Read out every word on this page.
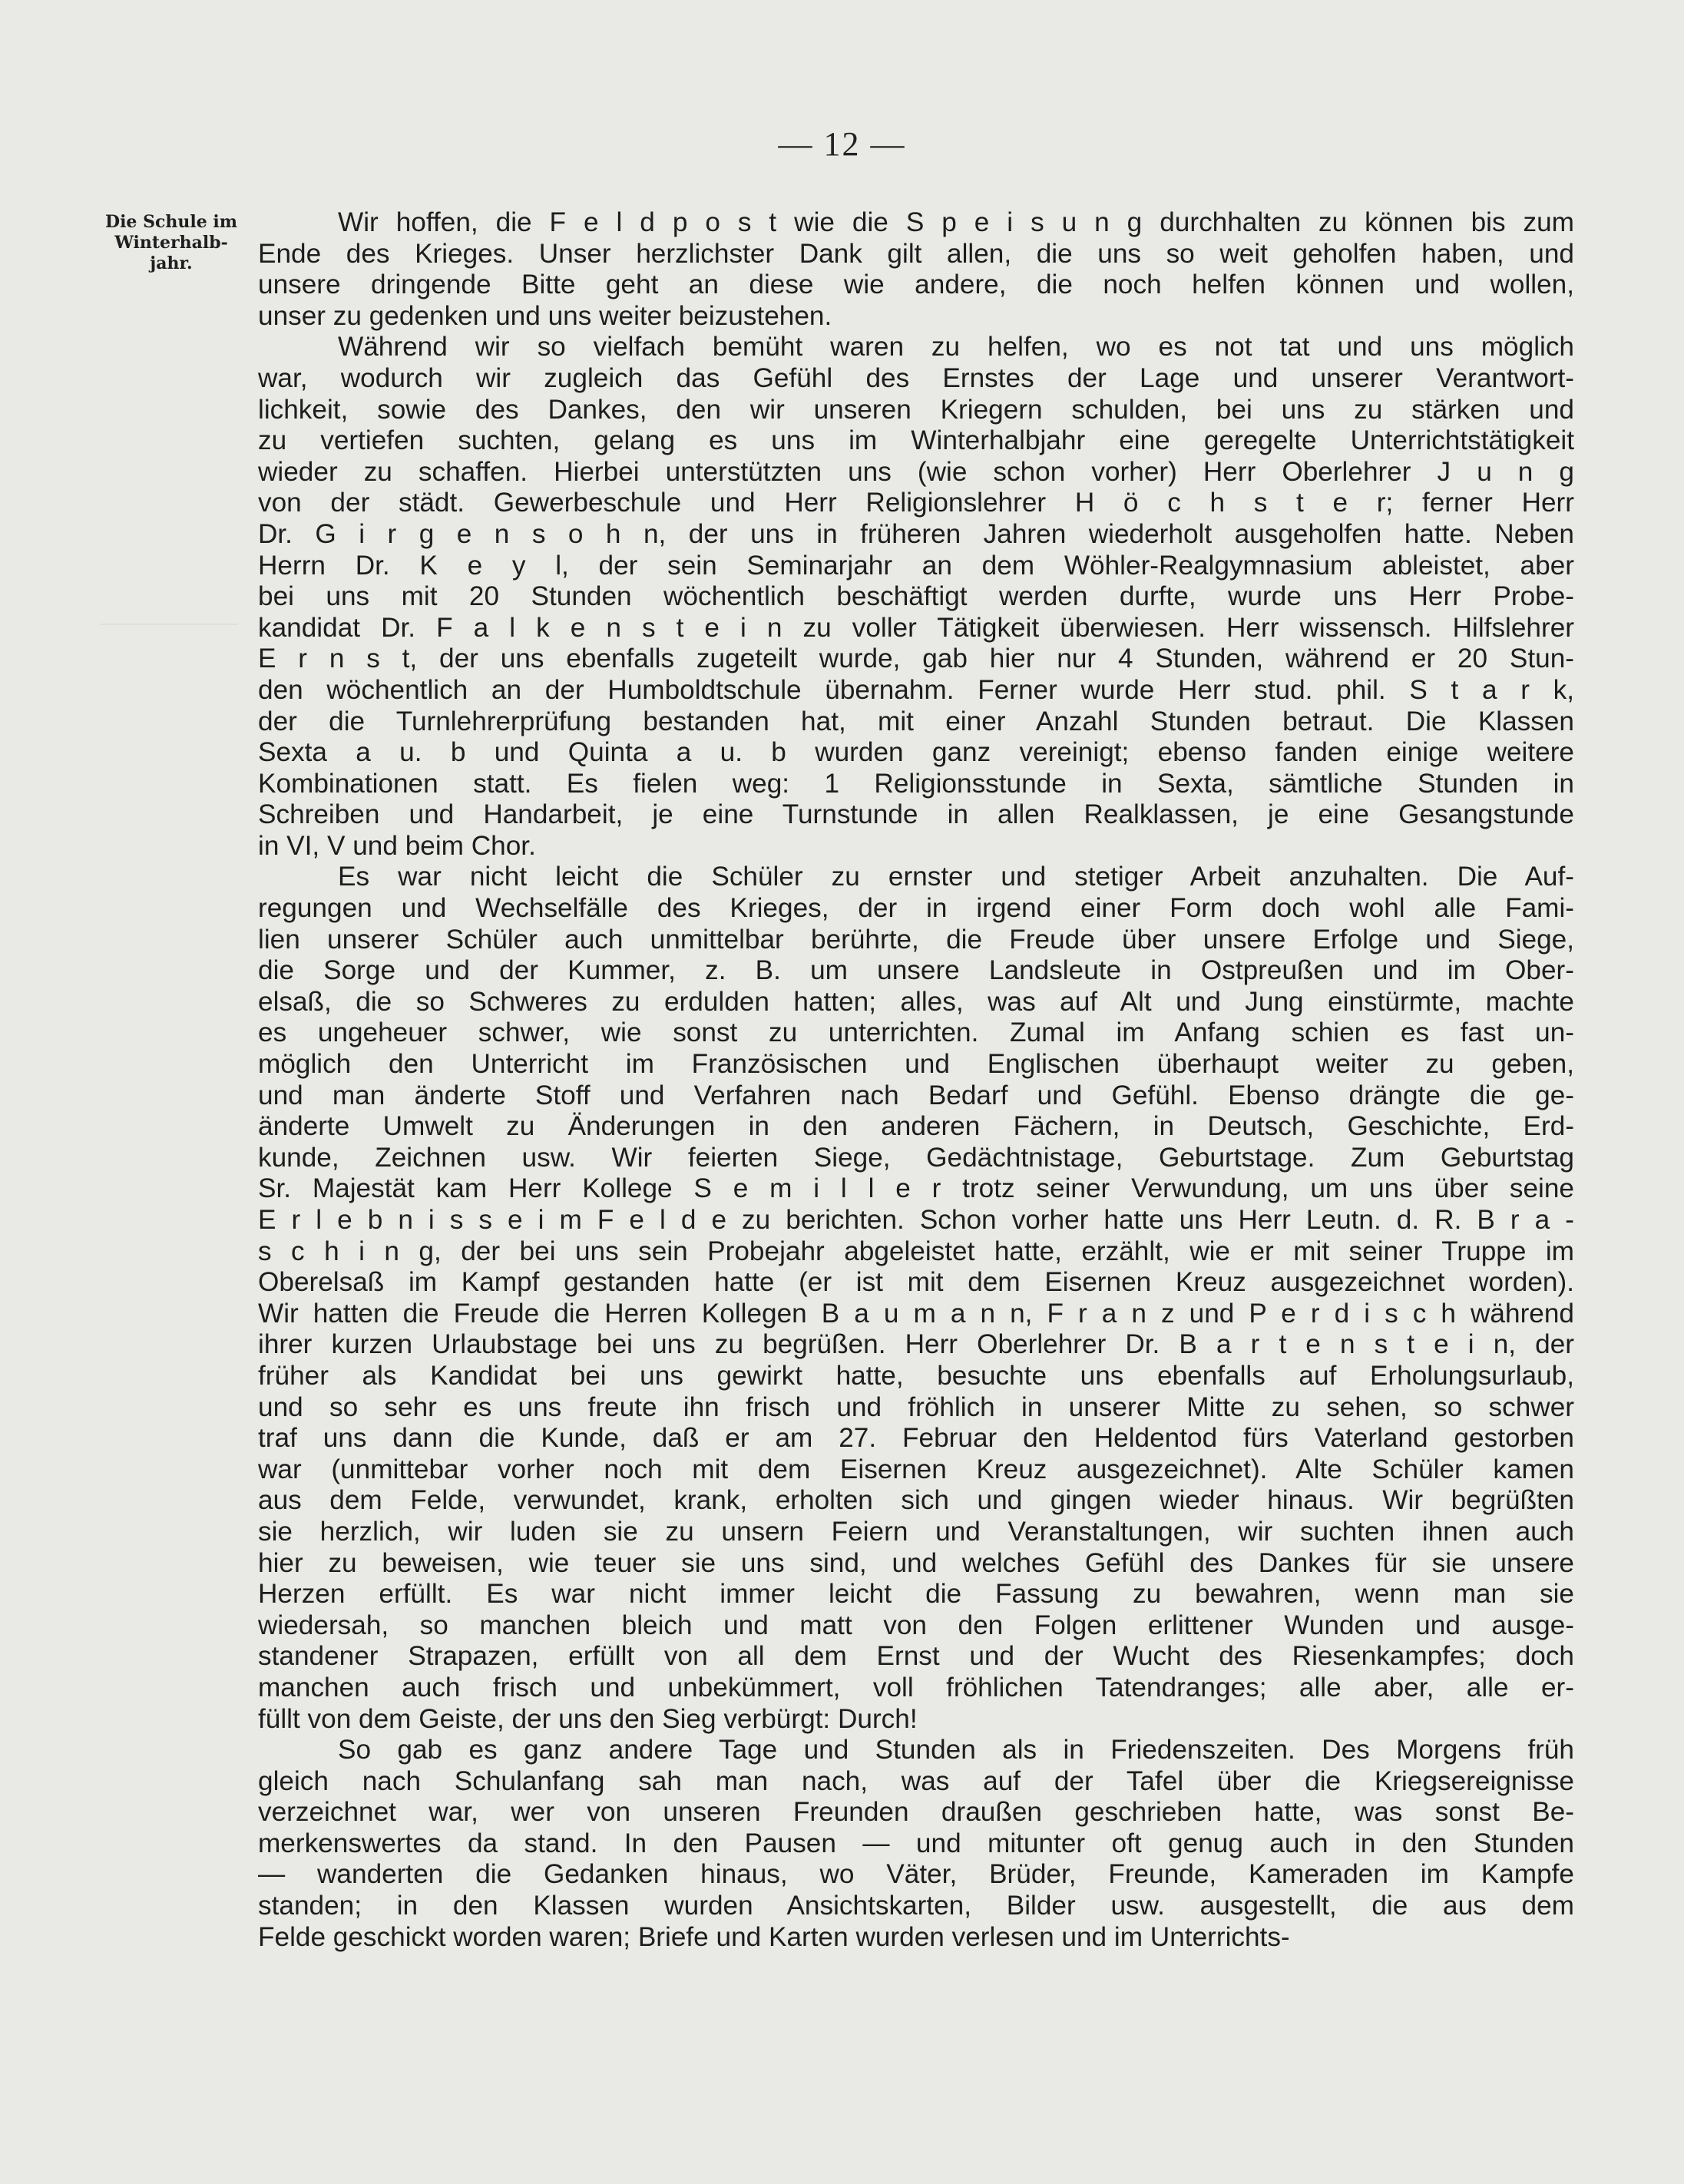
— 12 —
Die Schule im
Winterhalb-
jahr.
Wir hoffen, die F e l d p o s t wie die S p e i s u n g durchhalten zu können bis zum
Ende des Krieges. Unser herzlichster Dank gilt allen, die uns so weit geholfen haben, und
unsere dringende Bitte geht an diese wie andere, die noch helfen können und wollen,
unser zu gedenken und uns weiter beizustehen.
Während wir so vielfach bemüht waren zu helfen, wo es not tat und uns möglich
war, wodurch wir zugleich das Gefühl des Ernstes der Lage und unserer Verantwort-
lichkeit, sowie des Dankes, den wir unseren Kriegern schulden, bei uns zu stärken und
zu vertiefen suchten, gelang es uns im Winterhalbjahr eine geregelte Unterrichtstätigkeit
wieder zu schaffen. Hierbei unterstützten uns (wie schon vorher) Herr Oberlehrer J u n g
von der städt. Gewerbeschule und Herr Religionslehrer H ö c h s t e r; ferner Herr
Dr. G i r g e n s o h n, der uns in früheren Jahren wiederholt ausgeholfen hatte. Neben
Herrn Dr. K e y l, der sein Seminarjahr an dem Wöhler-Realgymnasium ableistet, aber
bei uns mit 20 Stunden wöchentlich beschäftigt werden durfte, wurde uns Herr Probe-
kandidat Dr. F a l k e n s t e i n zu voller Tätigkeit überwiesen. Herr wissensch. Hilfslehrer
E r n s t, der uns ebenfalls zugeteilt wurde, gab hier nur 4 Stunden, während er 20 Stun-
den wöchentlich an der Humboldtschule übernahm. Ferner wurde Herr stud. phil. S t a r k,
der die Turnlehrerprüfung bestanden hat, mit einer Anzahl Stunden betraut. Die Klassen
Sexta a u. b und Quinta a u. b wurden ganz vereinigt; ebenso fanden einige weitere
Kombinationen statt. Es fielen weg: 1 Religionsstunde in Sexta, sämtliche Stunden in
Schreiben und Handarbeit, je eine Turnstunde in allen Realklassen, je eine Gesangstunde
in VI, V und beim Chor.
Es war nicht leicht die Schüler zu ernster und stetiger Arbeit anzuhalten. Die Auf-
regungen und Wechselfälle des Krieges, der in irgend einer Form doch wohl alle Fami-
lien unserer Schüler auch unmittelbar berührte, die Freude über unsere Erfolge und Siege,
die Sorge und der Kummer, z. B. um unsere Landsleute in Ostpreußen und im Ober-
elsaß, die so Schweres zu erdulden hatten; alles, was auf Alt und Jung einstürmte, machte
es ungeheuer schwer, wie sonst zu unterrichten. Zumal im Anfang schien es fast un-
möglich den Unterricht im Französischen und Englischen überhaupt weiter zu geben,
und man änderte Stoff und Verfahren nach Bedarf und Gefühl. Ebenso drängte die ge-
änderte Umwelt zu Änderungen in den anderen Fächern, in Deutsch, Geschichte, Erd-
kunde, Zeichnen usw. Wir feierten Siege, Gedächtnistage, Geburtstage. Zum Geburtstag
Sr. Majestät kam Herr Kollege S e m i l l e r trotz seiner Verwundung, um uns über seine
E r l e b n i s s e i m F e l d e zu berichten. Schon vorher hatte uns Herr Leutn. d. R. B r a -
s c h i n g, der bei uns sein Probejahr abgeleistet hatte, erzählt, wie er mit seiner Truppe im
Oberelsaß im Kampf gestanden hatte (er ist mit dem Eisernen Kreuz ausgezeichnet worden).
Wir hatten die Freude die Herren Kollegen B a u m a n n, F r a n z und P e r d i s c h während
ihrer kurzen Urlaubstage bei uns zu begrüßen. Herr Oberlehrer Dr. B a r t e n s t e i n, der
früher als Kandidat bei uns gewirkt hatte, besuchte uns ebenfalls auf Erholungsurlaub,
und so sehr es uns freute ihn frisch und fröhlich in unserer Mitte zu sehen, so schwer
traf uns dann die Kunde, daß er am 27. Februar den Heldentod fürs Vaterland gestorben
war (unmittebar vorher noch mit dem Eisernen Kreuz ausgezeichnet). Alte Schüler kamen
aus dem Felde, verwundet, krank, erholten sich und gingen wieder hinaus. Wir begrüßten
sie herzlich, wir luden sie zu unsern Feiern und Veranstaltungen, wir suchten ihnen auch
hier zu beweisen, wie teuer sie uns sind, und welches Gefühl des Dankes für sie unsere
Herzen erfüllt. Es war nicht immer leicht die Fassung zu bewahren, wenn man sie
wiedersah, so manchen bleich und matt von den Folgen erlittener Wunden und ausge-
standener Strapazen, erfüllt von all dem Ernst und der Wucht des Riesenkampfes; doch
manchen auch frisch und unbekümmert, voll fröhlichen Tatendranges; alle aber, alle er-
füllt von dem Geiste, der uns den Sieg verbürgt: Durch!
So gab es ganz andere Tage und Stunden als in Friedenszeiten. Des Morgens früh
gleich nach Schulanfang sah man nach, was auf der Tafel über die Kriegsereignisse
verzeichnet war, wer von unseren Freunden draußen geschrieben hatte, was sonst Be-
merkenswertes da stand. In den Pausen — und mitunter oft genug auch in den Stunden
— wanderten die Gedanken hinaus, wo Väter, Brüder, Freunde, Kameraden im Kampfe
standen; in den Klassen wurden Ansichtskarten, Bilder usw. ausgestellt, die aus dem
Felde geschickt worden waren; Briefe und Karten wurden verlesen und im Unterrichts-
